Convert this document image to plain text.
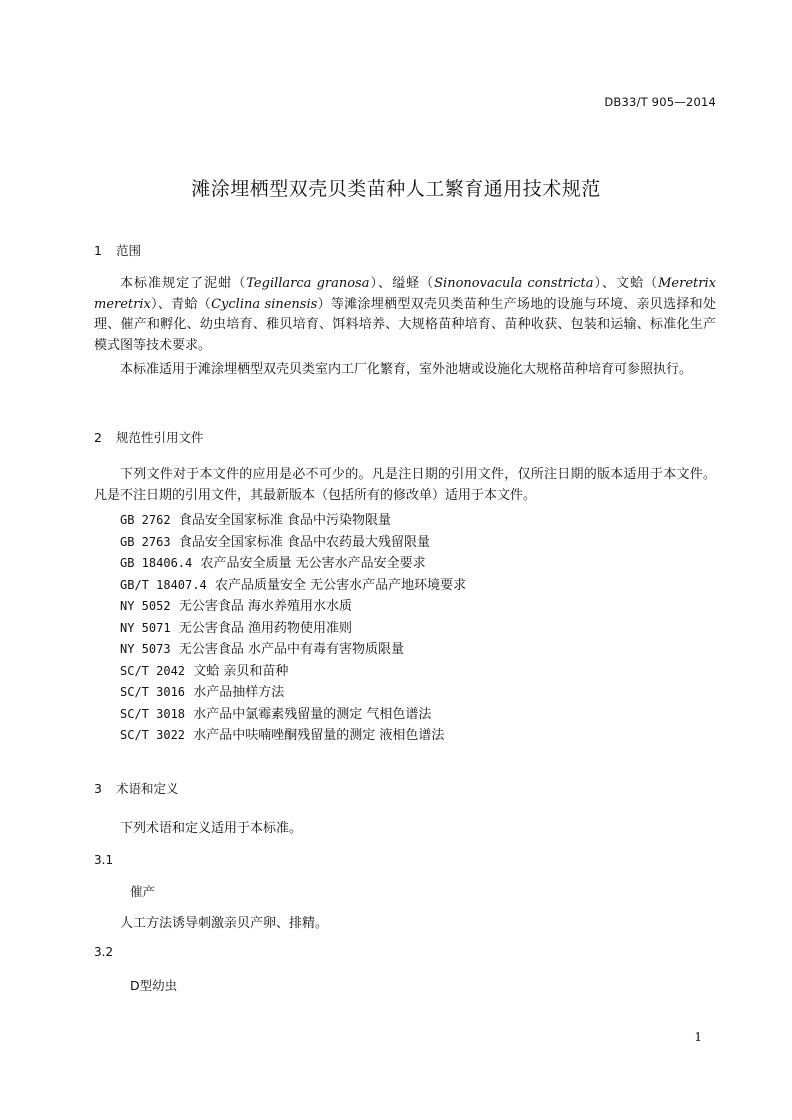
DB33/T 905—2014
滩涂埋栖型双壳贝类苗种人工繁育通用技术规范
1 范围
本标准规定了泥蚶（Tegillarca granosa）、缢蛏（Sinonovacula constricta）、文蛤（Meretrix meretrix）、青蛤（Cyclina sinensis）等滩涂埋栖型双壳贝类苗种生产场地的设施与环境、亲贝选择和处理、催产和孵化、幼虫培育、稚贝培育、饵料培养、大规格苗种培育、苗种收获、包装和运输、标准化生产模式图等技术要求。
本标准适用于滩涂埋栖型双壳贝类室内工厂化繁育，室外池塘或设施化大规格苗种培育可参照执行。
2 规范性引用文件
下列文件对于本文件的应用是必不可少的。凡是注日期的引用文件，仅所注日期的版本适用于本文件。凡是不注日期的引用文件，其最新版本（包括所有的修改单）适用于本文件。
GB 2762 食品安全国家标准 食品中污染物限量
GB 2763 食品安全国家标准 食品中农药最大残留限量
GB 18406.4 农产品安全质量 无公害水产品安全要求
GB/T 18407.4 农产品质量安全 无公害水产品产地环境要求
NY 5052 无公害食品 海水养殖用水水质
NY 5071 无公害食品 渔用药物使用准则
NY 5073 无公害食品 水产品中有毒有害物质限量
SC/T 2042 文蛤 亲贝和苗种
SC/T 3016 水产品抽样方法
SC/T 3018 水产品中氯霉素残留量的测定 气相色谱法
SC/T 3022 水产品中呋喃唑酮残留量的测定 液相色谱法
3 术语和定义
下列术语和定义适用于本标准。
3.1
催产
人工方法诱导刺激亲贝产卵、排精。
3.2
D型幼虫
1
